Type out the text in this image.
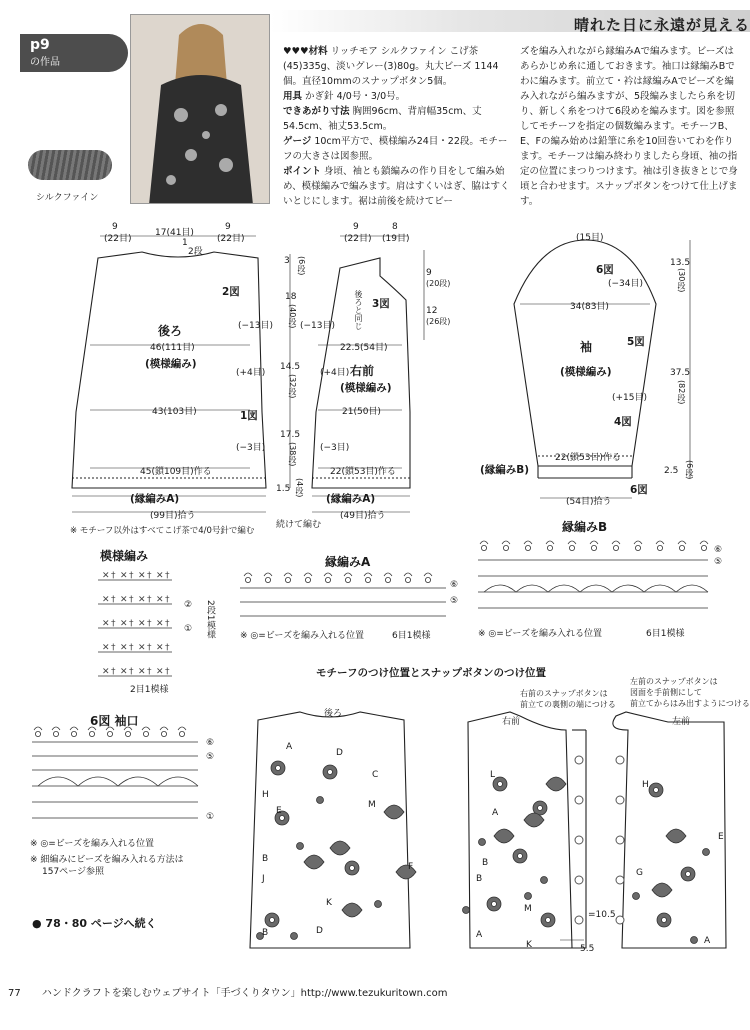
晴れた日に永遠が見える
p9
の作品
シルクファイン
♥♥♥材料 リッチモア シルクファイン こげ茶(45)335g、淡いグレー(3)80g。丸大ビーズ 1144個。直径10mmのスナップボタン5個。
用具 かぎ針 4/0号・3/0号。
できあがり寸法 胸囲96cm、背肩幅35cm、丈54.5cm、袖丈53.5cm。
ゲージ 10cm平方で、模様編み24目・22段。モチーフの大きさは図参照。
ポイント 身頃、袖とも鎖編みの作り目をして編み始め、模様編みで編みます。肩はすくいはぎ、脇はすくいとじにします。裾は前後を続けてビー
ズを編み入れながら縁編みAで編みます。ビーズはあらかじめ糸に通しておきます。袖口は縁編みBでわに編みます。前立て・衿は縁編みAでビーズを編み入れながら編みますが、5段編みましたら糸を切り、新しく糸をつけて6段めを編みます。図を参照してモチーフを指定の個数編みます。モチーフB、E、Fの編み始めは鉛筆に糸を10回巻いてわを作ります。モチーフは編み終わりましたら身頃、袖の指定の位置にまつりつけます。袖は引き抜きとじで身頃と合わせます。スナップボタンをつけて仕上げます。
✕ † ✕ † ✕ † ✕ †
✕ † ✕ † ✕ † ✕ †
✕ † ✕ † ✕ † ✕ †
✕ † ✕ † ✕ † ✕ †
✕ † ✕ † ✕ † ✕ †
9
(22目)
17(41目)
9
(22目)
1
2段
2図
後ろ
46(111目)
(模様編み)
(−13目)
(+4目)
43(103目)	1図
(−3目)
45(鎖109目)作る
(縁編みA)
(99目)拾う
※ モチーフ以外はすべてこげ茶で4/0号針で編む
3 (6段)
18
(40段)
14.5
(32段)
17.5
(38段)
1.5 (4段)
9
(22目)
8
(19目)
後ろと同じ 3図
(−13目)
22.5(54目)
(+4目) 右前
(模様編み)
21(50目)
(−3目)
22(鎖53目)作る
9
(20段)
12
(26段)
(縁編みA)
(49目)拾う
続けて編む
(15目)
6図
(−34目)
34(83目)
5図
袖
(模様編み)
(+15目)
4図
22(鎖53目)作る
(縁編みB)
6図
(54目)拾う
13.5
(30段)
37.5
(82段)
2.5 (6段)
模様編み
2段1模様
②
①
2目1模様
縁編みA
⑥
⑤
※ ◎=ビーズを編み入れる位置	6目1模様
縁編みB
⑥
⑤
※ ◎=ビーズを編み入れる位置	6目1模様
6図 袖口
⑥
⑤
①
※ ◎=ビーズを編み入れる位置
※ 細編みにビーズを編み入れる方法は
157ページ参照
モチーフのつけ位置とスナップボタンのつけ位置
後ろ
右前	左前
右前のスナップボタンは
前立ての裏側の端につける
左前のスナップボタンは
図面を手前側にして
前立てからはみ出すようにつける
=10.5
5.5
A
D
C
H
M
E
B
J
F
K
B
L
A
B
B
M
A
K
H
G
E
A
D
● 78・80 ページへ続く
77 ハンドクラフトを楽しむウェブサイト「手づくりタウン」http://www.tezukuritown.com
